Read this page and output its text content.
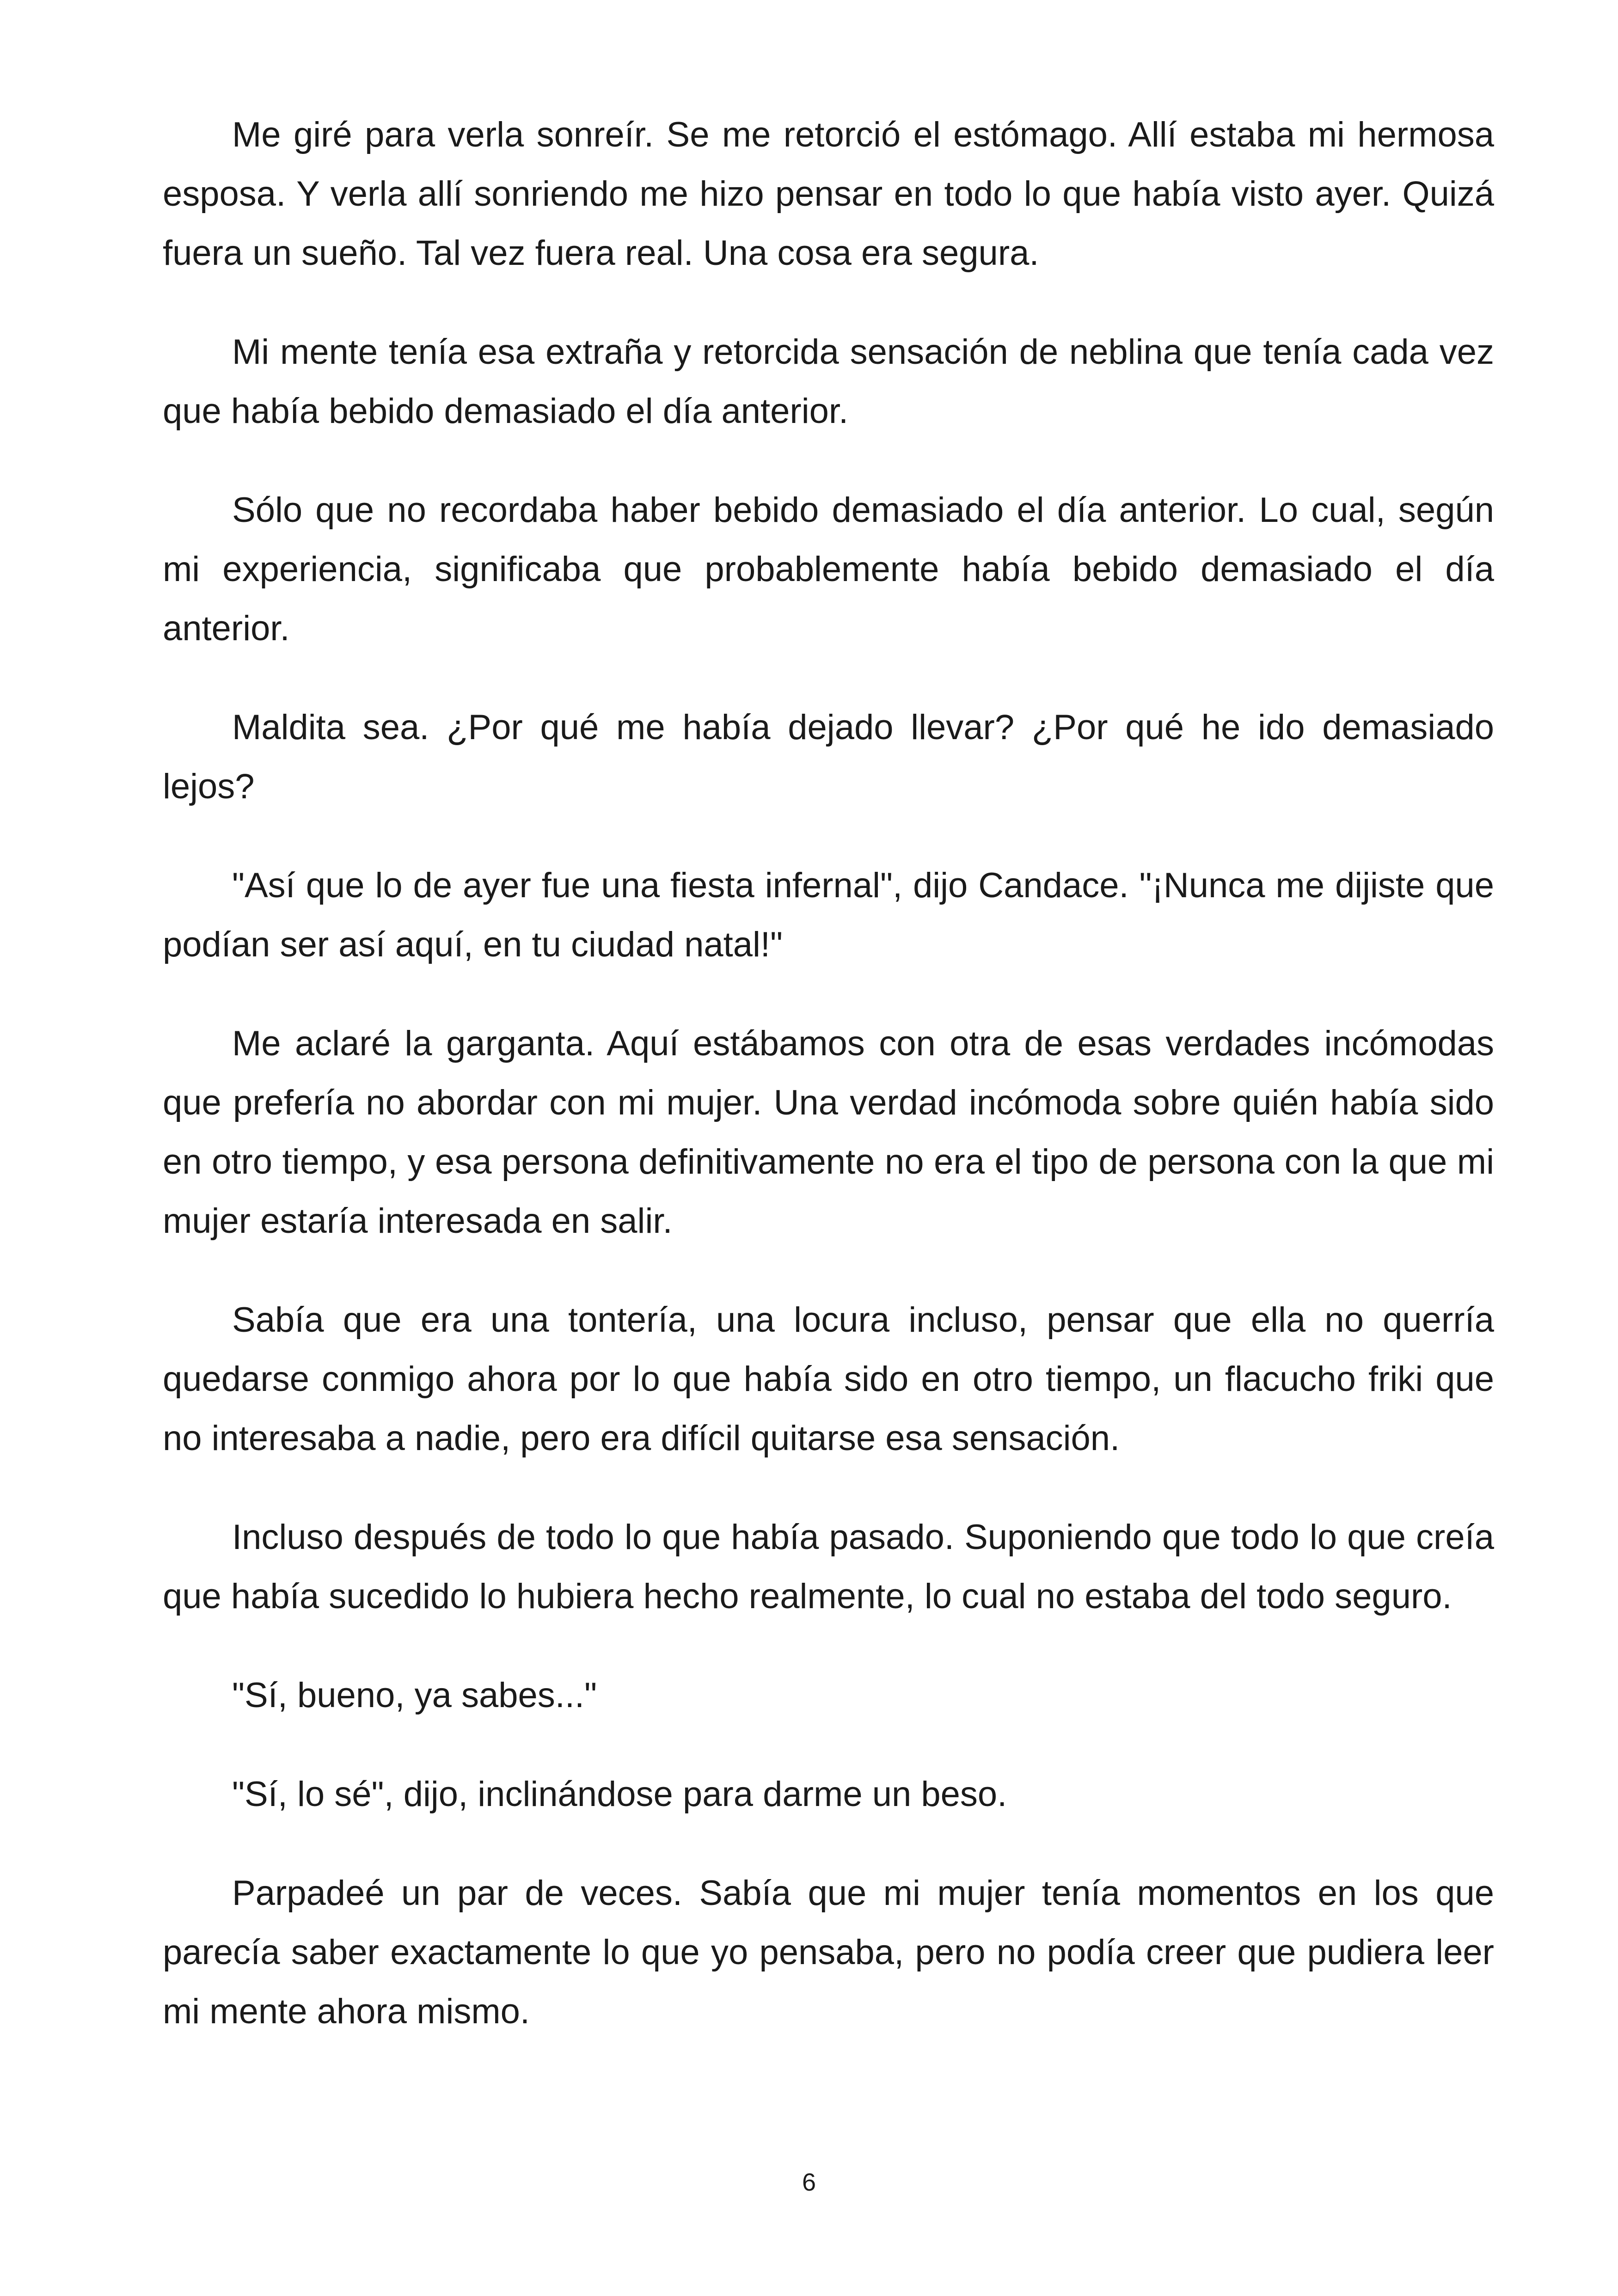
Me giré para verla sonreír. Se me retorció el estómago. Allí estaba mi hermosa esposa. Y verla allí sonriendo me hizo pensar en todo lo que había visto ayer. Quizá fuera un sueño. Tal vez fuera real. Una cosa era segura.

Mi mente tenía esa extraña y retorcida sensación de neblina que tenía cada vez que había bebido demasiado el día anterior.

Sólo que no recordaba haber bebido demasiado el día anterior. Lo cual, según mi experiencia, significaba que probablemente había bebido demasiado el día anterior.

Maldita sea. ¿Por qué me había dejado llevar? ¿Por qué he ido demasiado lejos?

"Así que lo de ayer fue una fiesta infernal", dijo Candace. "¡Nunca me dijiste que podían ser así aquí, en tu ciudad natal!"

Me aclaré la garganta. Aquí estábamos con otra de esas verdades incómodas que prefería no abordar con mi mujer. Una verdad incómoda sobre quién había sido en otro tiempo, y esa persona definitivamente no era el tipo de persona con la que mi mujer estaría interesada en salir.

Sabía que era una tontería, una locura incluso, pensar que ella no querría quedarse conmigo ahora por lo que había sido en otro tiempo, un flacucho friki que no interesaba a nadie, pero era difícil quitarse esa sensación.

Incluso después de todo lo que había pasado. Suponiendo que todo lo que creía que había sucedido lo hubiera hecho realmente, lo cual no estaba del todo seguro.

"Sí, bueno, ya sabes..."

"Sí, lo sé", dijo, inclinándose para darme un beso.

Parpadeé un par de veces. Sabía que mi mujer tenía momentos en los que parecía saber exactamente lo que yo pensaba, pero no podía creer que pudiera leer mi mente ahora mismo.

6
